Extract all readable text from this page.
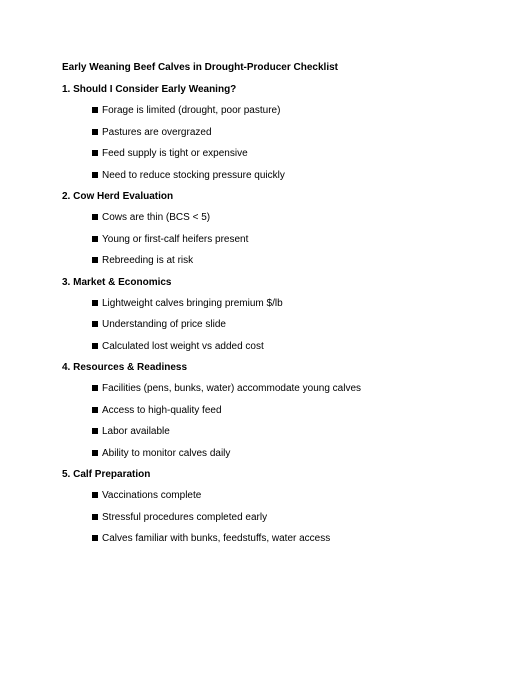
Early Weaning Beef Calves in Drought-Producer Checklist
1. Should I Consider Early Weaning?
Forage is limited (drought, poor pasture)
Pastures are overgrazed
Feed supply is tight or expensive
Need to reduce stocking pressure quickly
2. Cow Herd Evaluation
Cows are thin (BCS < 5)
Young or first-calf heifers present
Rebreeding is at risk
3. Market & Economics
Lightweight calves bringing premium $/lb
Understanding of price slide
Calculated lost weight vs added cost
4. Resources & Readiness
Facilities (pens, bunks, water) accommodate young calves
Access to high-quality feed
Labor available
Ability to monitor calves daily
5. Calf Preparation
Vaccinations complete
Stressful procedures completed early
Calves familiar with bunks, feedstuffs, water access
